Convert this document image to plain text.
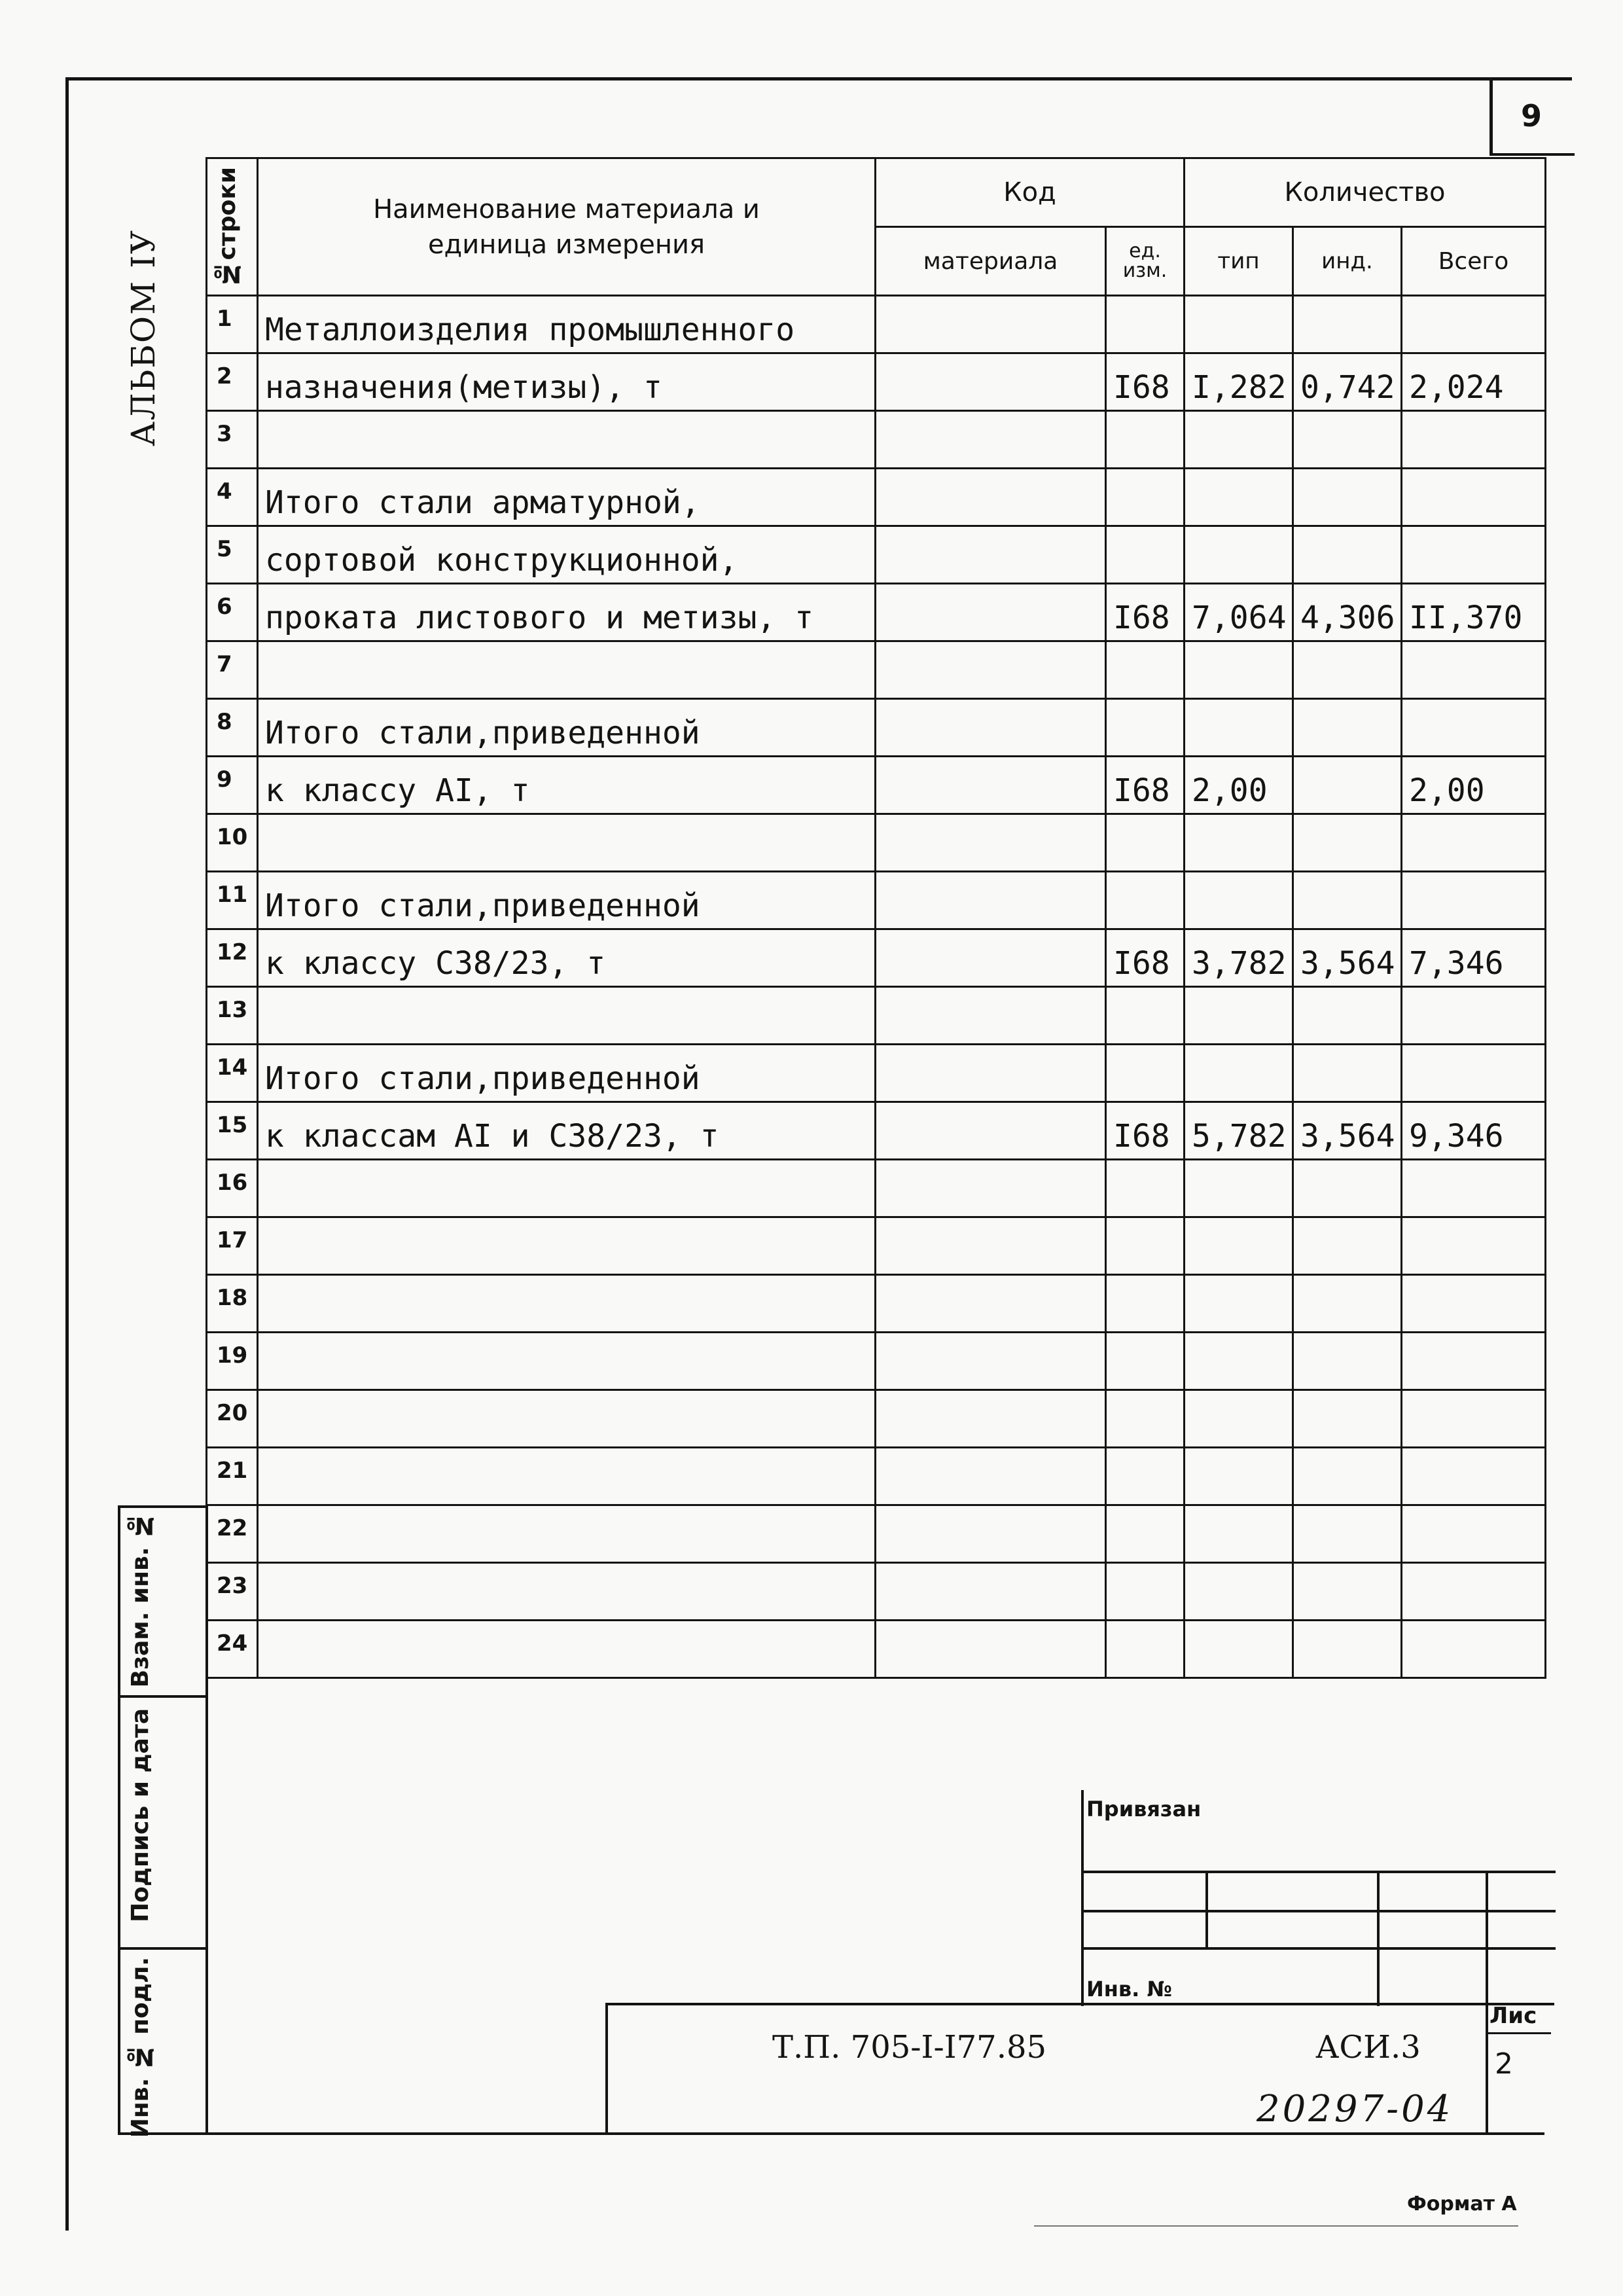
9
АЛЬБОМ IУ
№строки	Наименование материала и единица измерения	Код		Количество		
		материала	ед. изм.	тип	инд.	Всего
1	Металлоизделия промышленного					
2	назначения(метизы), т		I68	I,282	0,742	2,024
3						
4	Итого стали арматурной,					
5	сортовой конструкционной,					
6	проката листового и метизы, т		I68	7,064	4,306	II,370
7						
8	Итого стали,приведенной					
9	к классу AI, т		I68	2,00		2,00
10						
11	Итого стали,приведенной					
12	к классу С38/23, т		I68	3,782	3,564	7,346
13						
14	Итого стали,приведенной					
15	к классам AI и С38/23, т		I68	5,782	3,564	9,346
16						
17						
18						
19						
20						
21						
22						
23						
24						
Взам. инв. №
Подпись и дата
Инв. № подл.
Привязан
Инв. №
Т.П. 705-I-I77.85	АСИ.3
Лис
2
20297-04
Формат А
